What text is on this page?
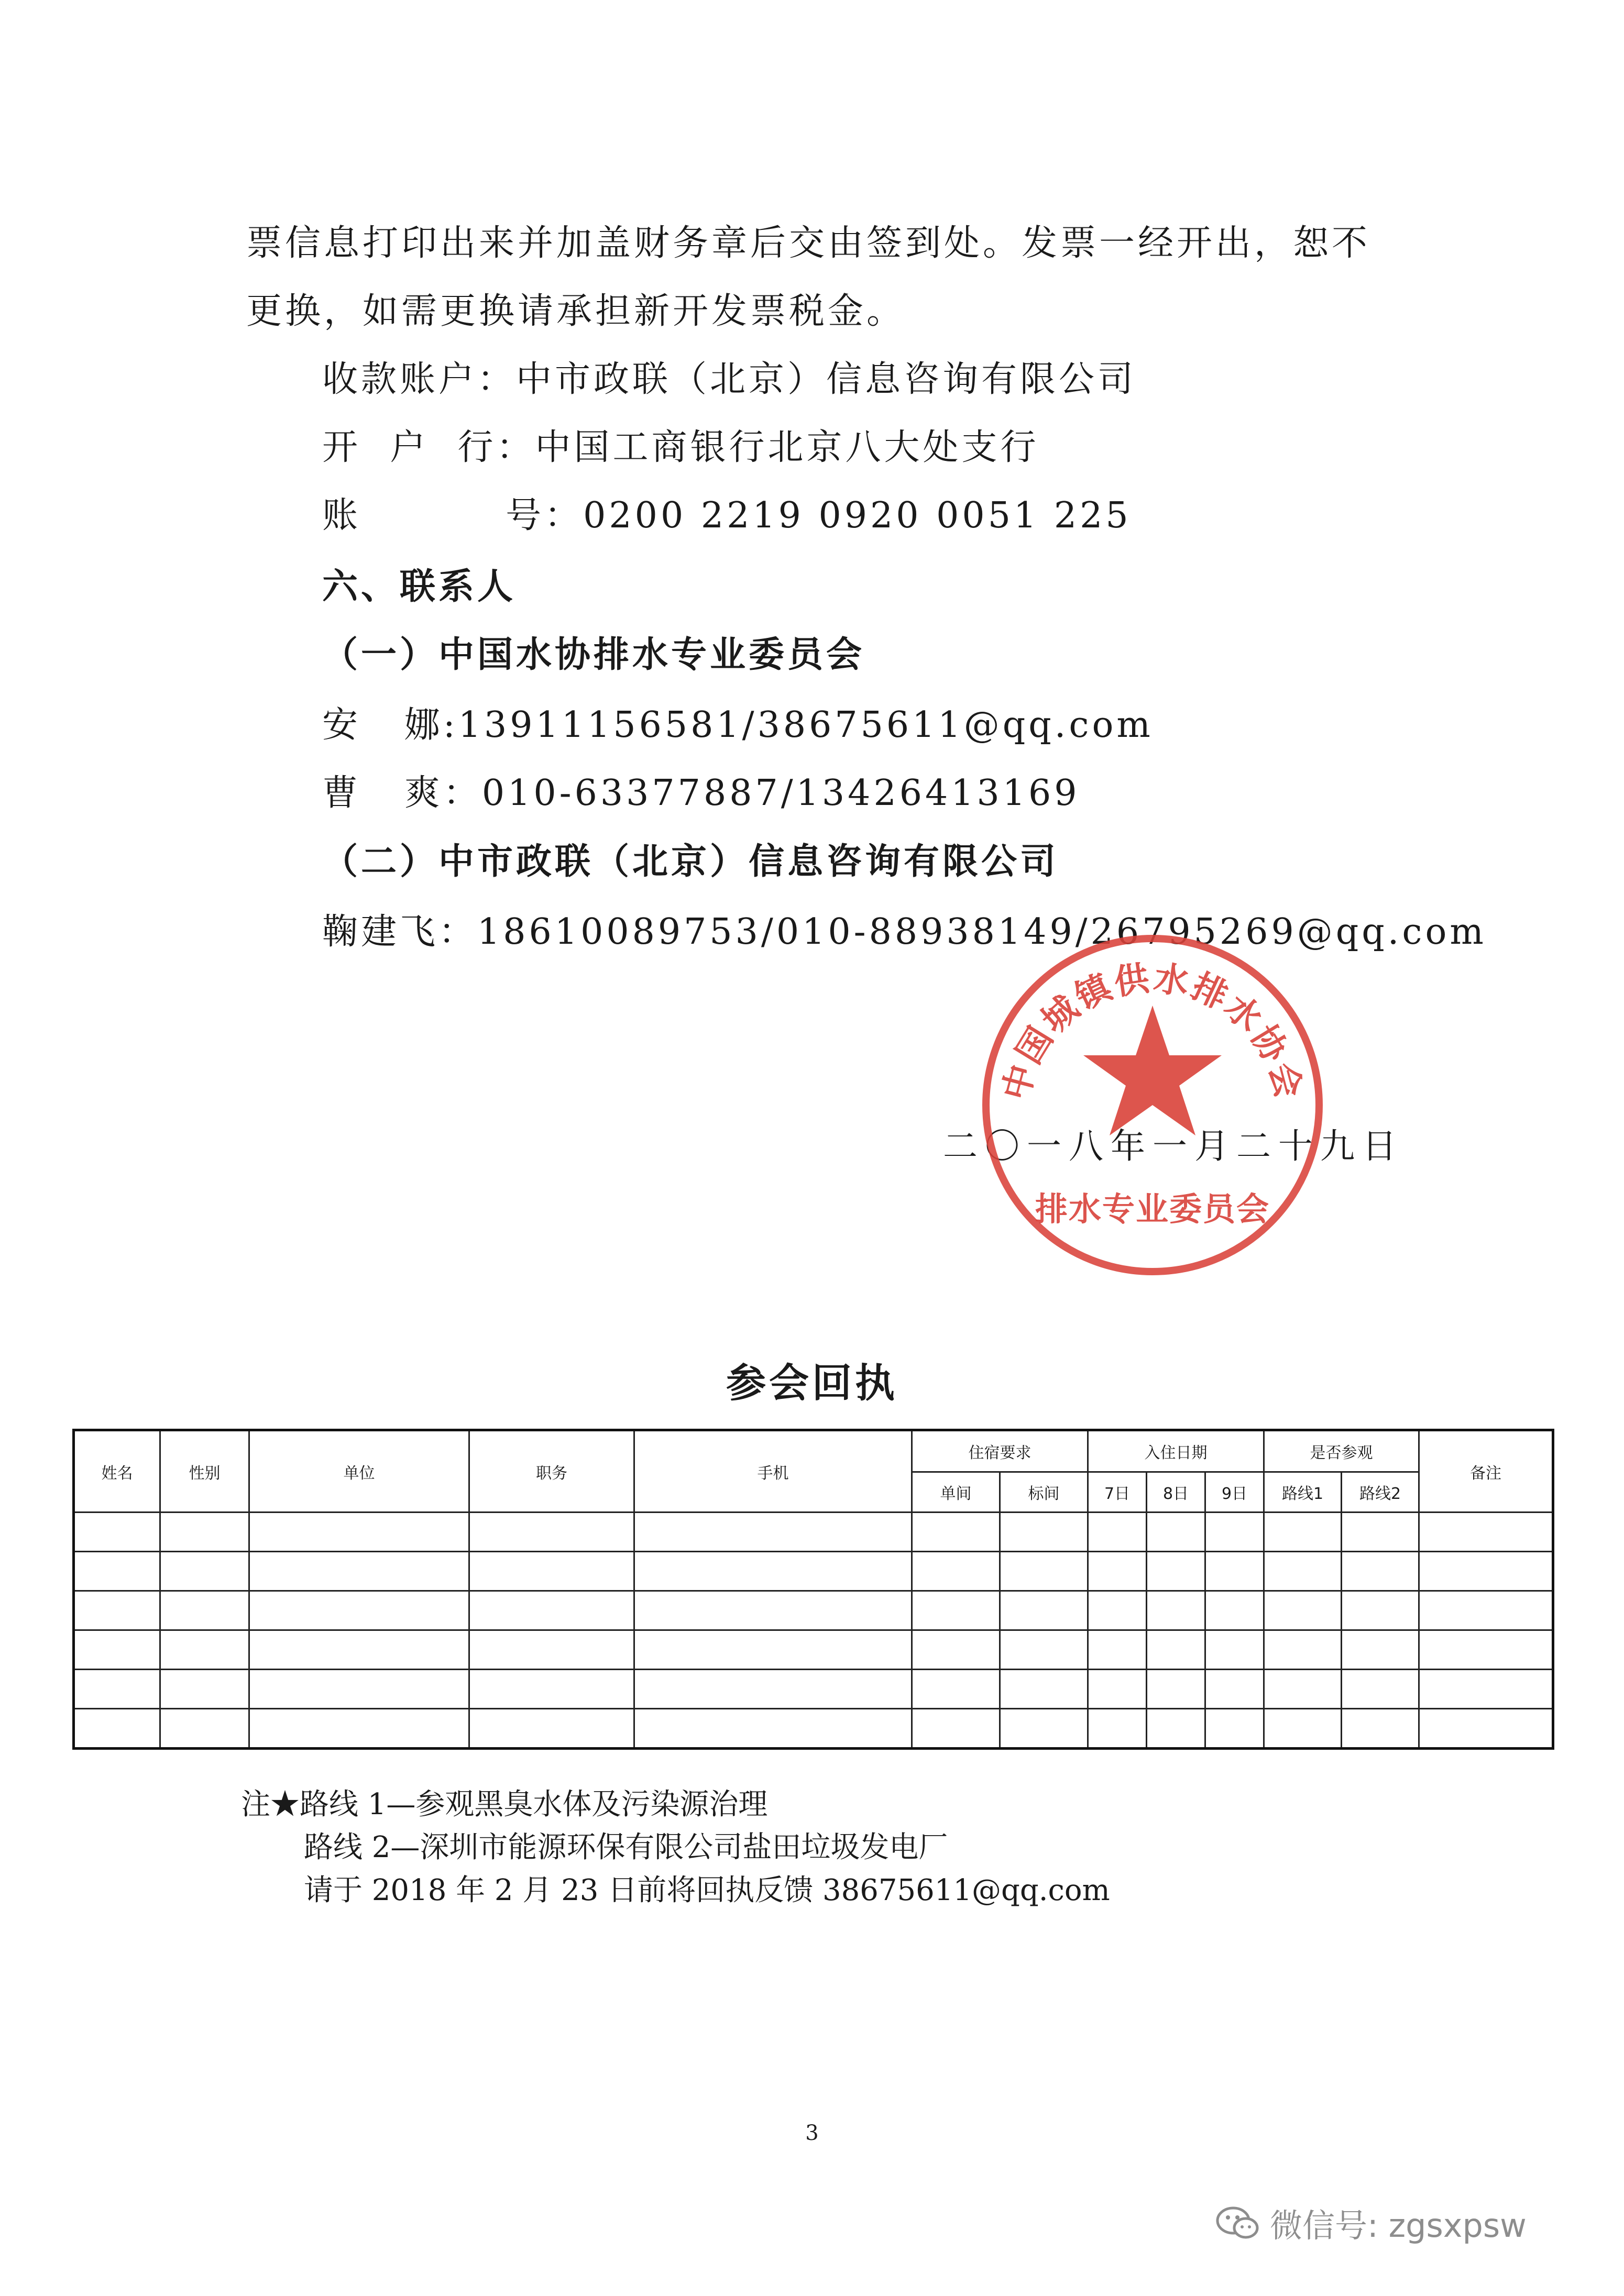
票信息打印出来并加盖财务章后交由签到处。发票一经开出，恕不
更换，如需更换请承担新开发票税金。
收款账户：中市政联（北京）信息咨询有限公司
开  户  行：中国工商银行北京八大处支行
账          号：0200 2219 0920 0051 225
六、联系人
（一）中国水协排水专业委员会
安   娜:13911156581/38675611@qq.com
曹   爽：010-63377887/13426413169
（二）中市政联（北京）信息咨询有限公司
鞠建飞：18610089753/010-88938149/26795269@qq.com
二〇一八年一月二十九日
中国城镇供水排水协会
排水专业委员会
参会回执
姓名	性别	单位	职务	手机	住宿要求		入住日期			是否参观		备注
					单间	标间	7日	8日	9日	路线1	路线2	

注★路线 1—参观黑臭水体及污染源治理
路线 2—深圳市能源环保有限公司盐田垃圾发电厂
请于 2018 年 2 月 23 日前将回执反馈 38675611@qq.com
3
微信号: zgsxpsw
